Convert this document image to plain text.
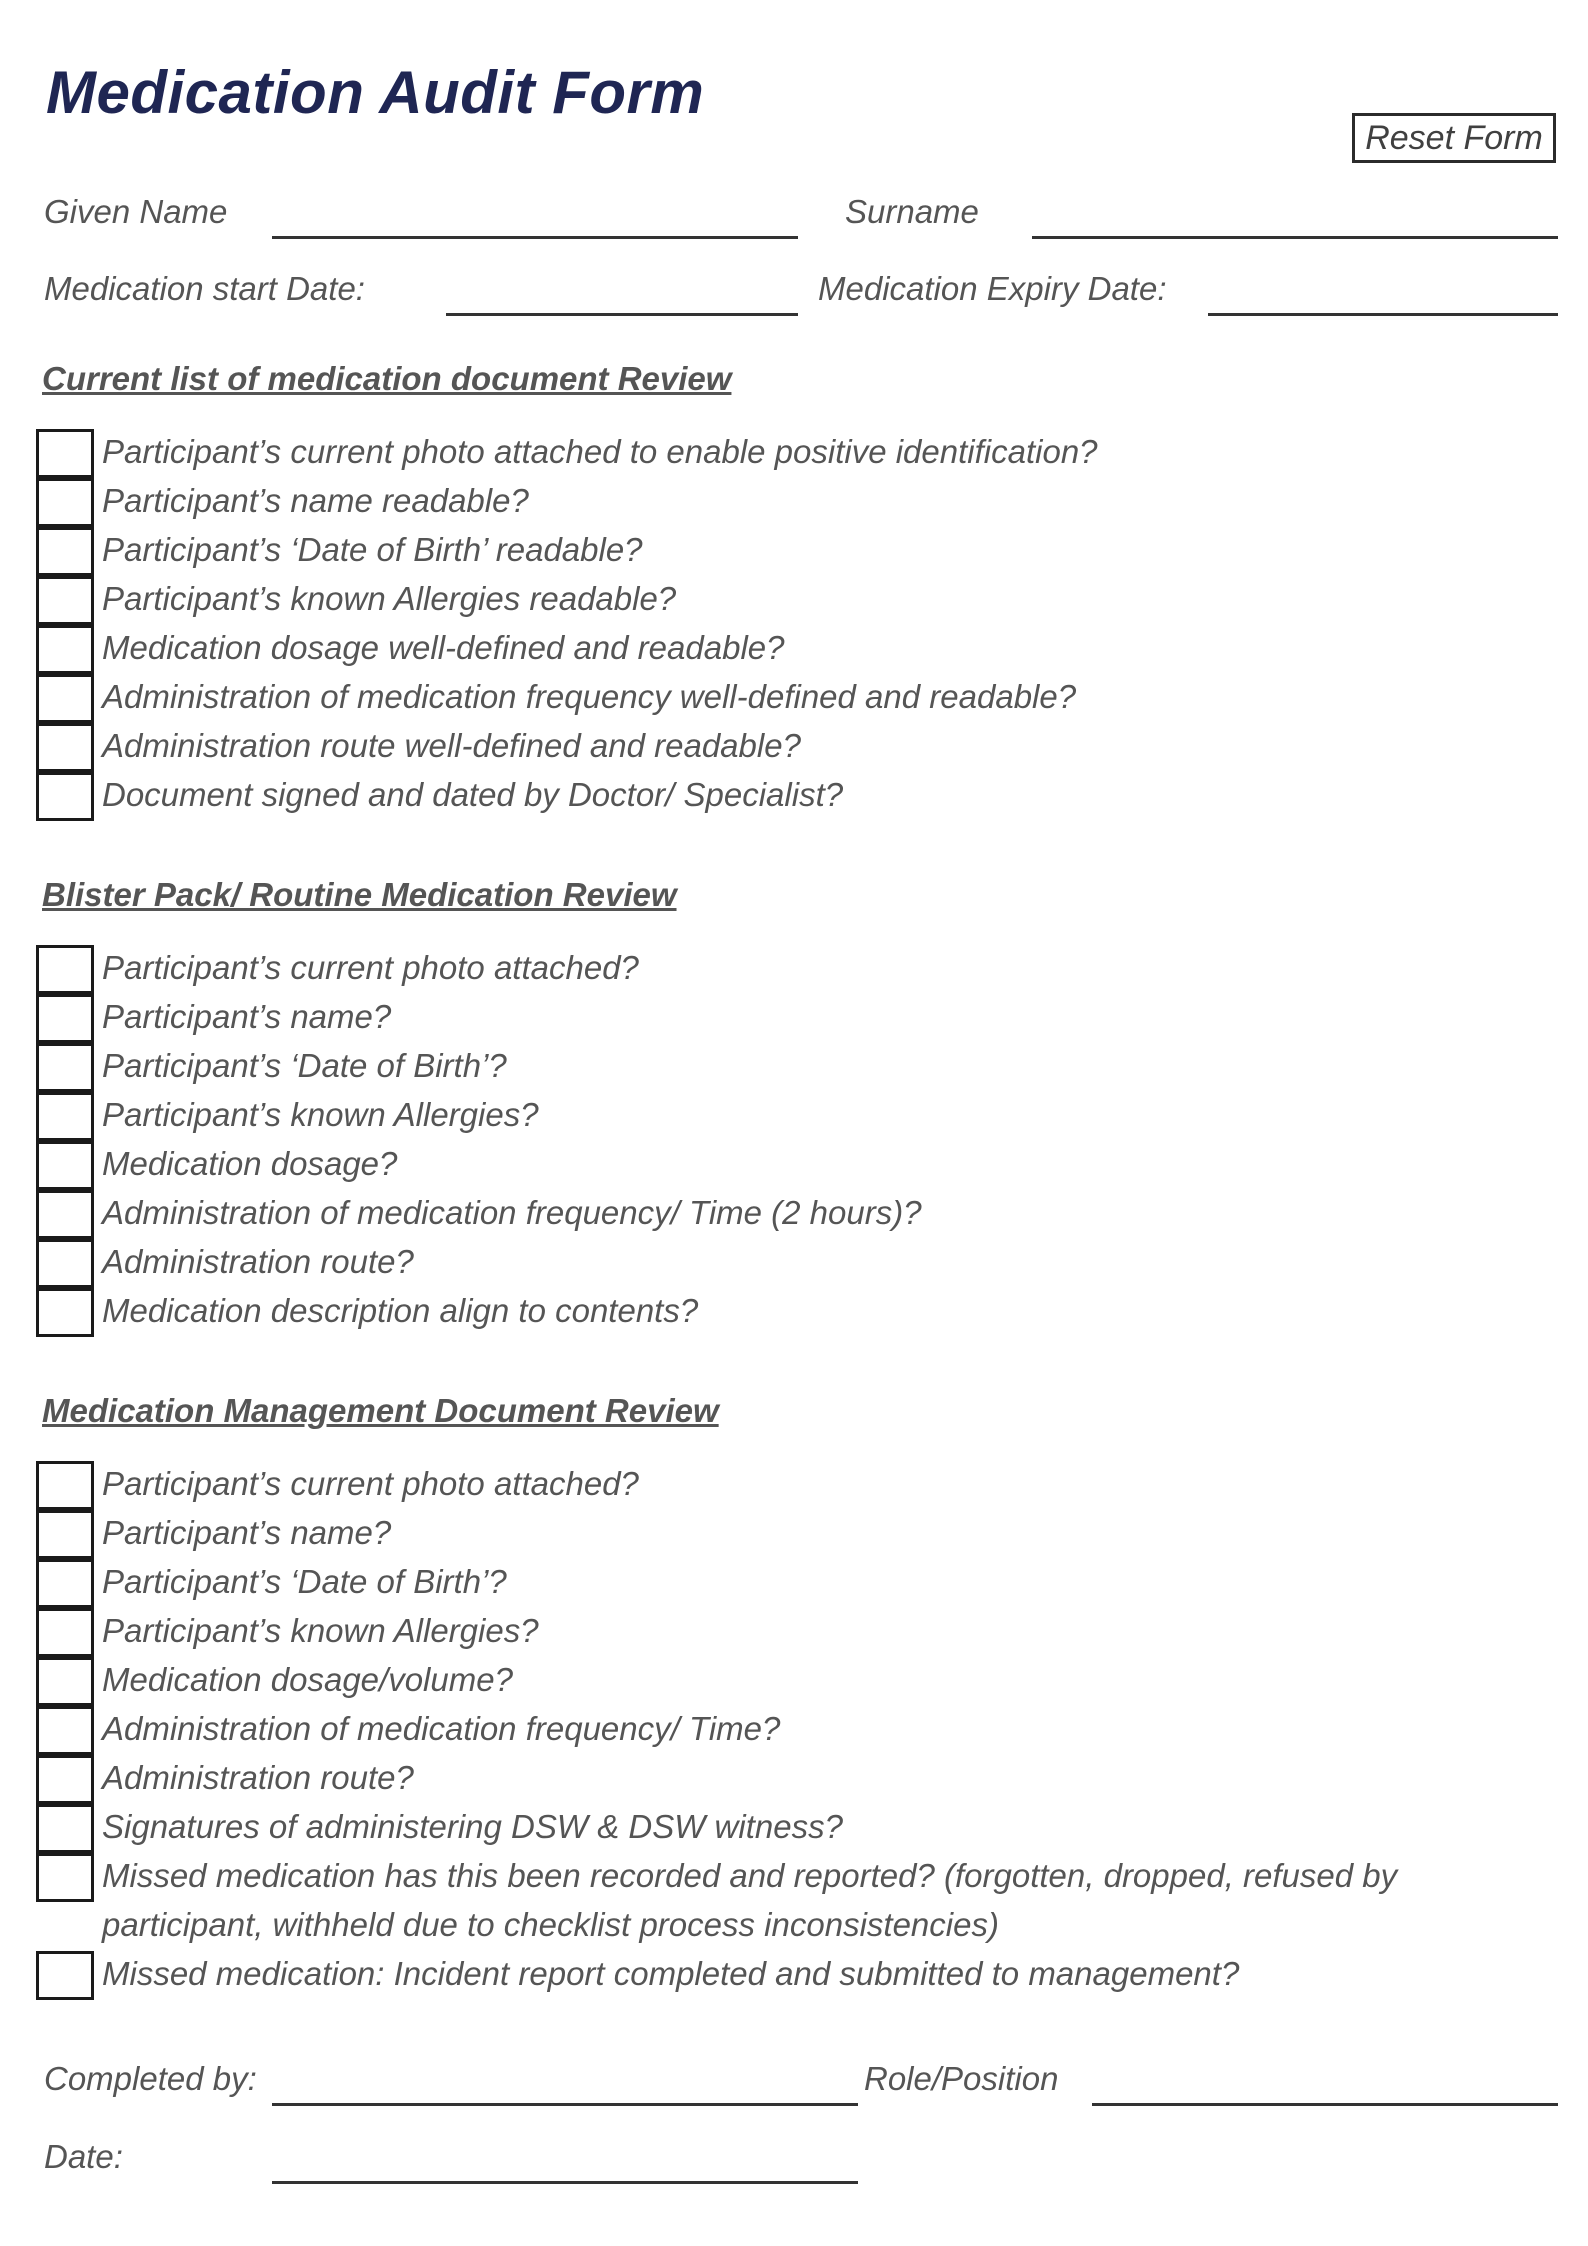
Medication Audit Form
Reset Form
Given Name	Surname
Medication start Date:	Medication Expiry Date:
Current list of medication document Review
Participant’s current photo attached to enable positive identification?
Participant’s name readable?
Participant’s ‘Date of Birth’ readable?
Participant’s known Allergies readable?
Medication dosage well-defined and readable?
Administration of medication frequency well-defined and readable?
Administration route well-defined and readable?
Document signed and dated by Doctor/ Specialist?
Blister Pack/ Routine Medication Review
Participant’s current photo attached?
Participant’s name?
Participant’s ‘Date of Birth’?
Participant’s known Allergies?
Medication dosage?
Administration of medication frequency/ Time (2 hours)?
Administration route?
Medication description align to contents?
Medication Management Document Review
Participant’s current photo attached?
Participant’s name?
Participant’s ‘Date of Birth’?
Participant’s known Allergies?
Medication dosage/volume?
Administration of medication frequency/ Time?
Administration route?
Signatures of administering DSW & DSW witness?
Missed medication has this been recorded and reported? (forgotten, dropped, refused by
participant, withheld due to checklist process inconsistencies)
Missed medication: Incident report completed and submitted to management?
Completed by:	Role/Position
Date:
